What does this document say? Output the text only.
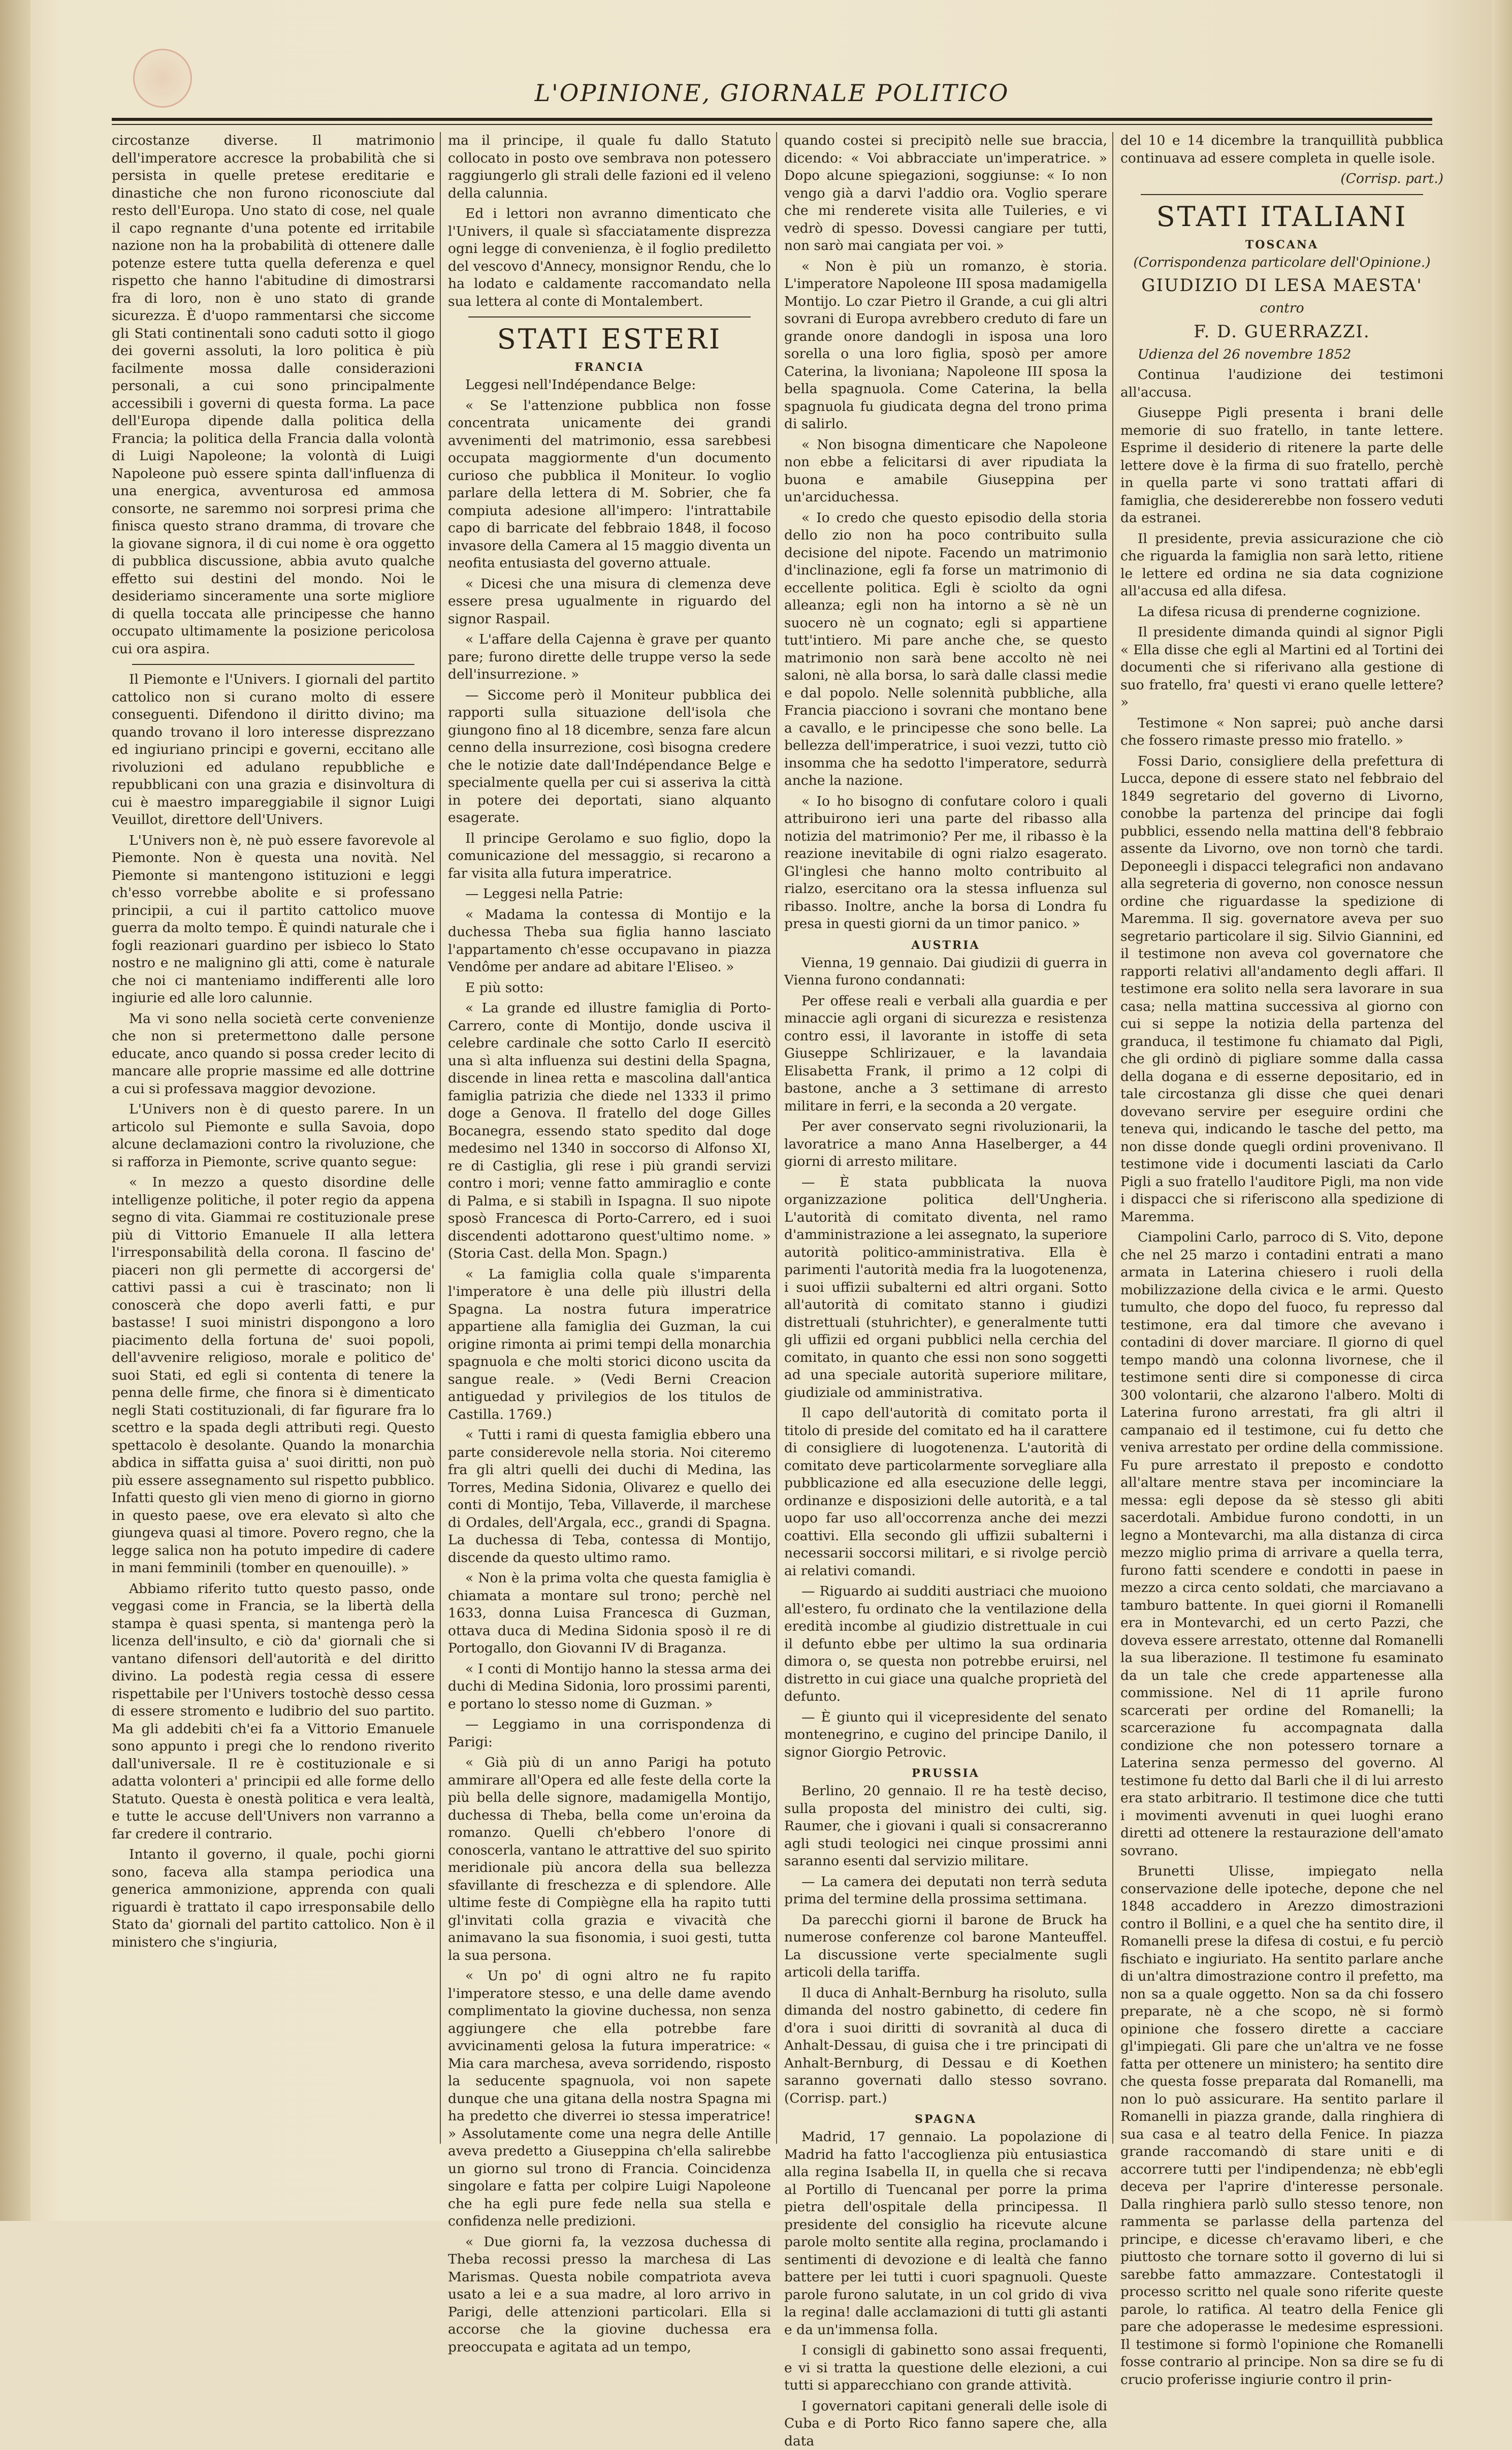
L'OPINIONE, GIORNALE POLITICO

circostanze diverse. Il matrimonio dell'imperatore accresce la probabilità che si persista in quelle pretese ereditarie e dinastiche che non furono riconosciute dal resto dell'Europa. Uno stato di cose, nel quale il capo regnante d'una potente ed irritabile nazione non ha la probabilità di ottenere dalle potenze estere tutta quella deferenza e quel rispetto che hanno l'abitudine di dimostrarsi fra di loro, non è uno stato di grande sicurezza. È d'uopo rammentarsi che siccome gli Stati continentali sono caduti sotto il giogo dei governi assoluti, la loro politica è più facilmente mossa dalle considerazioni personali, a cui sono principalmente accessibili i governi di questa forma. La pace dell'Europa dipende dalla politica della Francia; la politica della Francia dalla volontà di Luigi Napoleone; la volontà di Luigi Napoleone può essere spinta dall'influenza di una energica, avventurosa ed ammosa consorte, ne saremmo noi sorpresi prima che finisca questo strano dramma, di trovare che la giovane signora, il di cui nome è ora oggetto di pubblica discussione, abbia avuto qualche effetto sui destini del mondo. Noi le desideriamo sinceramente una sorte migliore di quella toccata alle principesse che hanno occupato ultimamente la posizione pericolosa cui ora aspira.

Il Piemonte e l'Univers. I giornali del partito cattolico non si curano molto di essere conseguenti. Difendono il diritto divino; ma quando trovano il loro interesse disprezzano ed ingiuriano principi e governi, eccitano alle rivoluzioni ed adulano repubbliche e repubblicani con una grazia e disinvoltura di cui è maestro impareggiabile il signor Luigi Veuillot, direttore dell'Univers.

L'Univers non è, nè può essere favorevole al Piemonte. Non è questa una novità. Nel Piemonte si mantengono istituzioni e leggi ch'esso vorrebbe abolite e si professano principii, a cui il partito cattolico muove guerra da molto tempo. È quindi naturale che i fogli reazionari guardino per isbieco lo Stato nostro e ne malignino gli atti, come è naturale che noi ci manteniamo indifferenti alle loro ingiurie ed alle loro calunnie.

Ma vi sono nella società certe convenienze che non si pretermettono dalle persone educate, anco quando si possa creder lecito di mancare alle proprie massime ed alle dottrine a cui si professava maggior devozione.

L'Univers non è di questo parere. In un articolo sul Piemonte e sulla Savoia, dopo alcune declamazioni contro la rivoluzione, che si rafforza in Piemonte, scrive quanto segue:

« In mezzo a questo disordine delle intelligenze politiche, il poter regio da appena segno di vita. Giammai re costituzionale prese più di Vittorio Emanuele II alla lettera l'irresponsabilità della corona. Il fascino de' piaceri non gli permette di accorgersi de' cattivi passi a cui è trascinato; non li conoscerà che dopo averli fatti, e pur bastasse! I suoi ministri dispongono a loro piacimento della fortuna de' suoi popoli, dell'avvenire religioso, morale e politico de' suoi Stati, ed egli si contenta di tenere la penna delle firme, che finora si è dimenticato negli Stati costituzionali, di far figurare fra lo scettro e la spada degli attributi regi. Questo spettacolo è desolante. Quando la monarchia abdica in siffatta guisa a' suoi diritti, non può più essere assegnamento sul rispetto pubblico. Infatti questo gli vien meno di giorno in giorno in questo paese, ove era elevato sì alto che giungeva quasi al timore. Povero regno, che la legge salica non ha potuto impedire di cadere in mani femminili (tomber en quenouille). »

Abbiamo riferito tutto questo passo, onde veggasi come in Francia, se la libertà della stampa è quasi spenta, si mantenga però la licenza dell'insulto, e ciò da' giornali che si vantano difensori dell'autorità e del diritto divino. La podestà regia cessa di essere rispettabile per l'Univers tostochè desso cessa di essere stromento e ludibrio del suo partito. Ma gli addebiti ch'ei fa a Vittorio Emanuele sono appunto i pregi che lo rendono riverito dall'universale. Il re è costituzionale e si adatta volonteri a' principii ed alle forme dello Statuto. Questa è onestà politica e vera lealtà, e tutte le accuse dell'Univers non varranno a far credere il contrario.

Intanto il governo, il quale, pochi giorni sono, faceva alla stampa periodica una generica ammonizione, apprenda con quali riguardi è trattato il capo irresponsabile dello Stato da' giornali del partito cattolico. Non è il ministero che s'ingiuria,

ma il principe, il quale fu dallo Statuto collocato in posto ove sembrava non potessero raggiungerlo gli strali delle fazioni ed il veleno della calunnia.

Ed i lettori non avranno dimenticato che l'Univers, il quale sì sfacciatamente disprezza ogni legge di convenienza, è il foglio prediletto del vescovo d'Annecy, monsignor Rendu, che lo ha lodato e caldamente raccomandato nella sua lettera al conte di Montalembert.

STATI ESTERI
FRANCIA

Leggesi nell'Indépendance Belge:

« Se l'attenzione pubblica non fosse concentrata unicamente dei grandi avvenimenti del matrimonio, essa sarebbesi occupata maggiormente d'un documento curioso che pubblica il Moniteur. Io voglio parlare della lettera di M. Sobrier, che fa compiuta adesione all'impero: l'intrattabile capo di barricate del febbraio 1848, il focoso invasore della Camera al 15 maggio diventa un neofita entusiasta del governo attuale.

« Dicesi che una misura di clemenza deve essere presa ugualmente in riguardo del signor Raspail.

« L'affare della Cajenna è grave per quanto pare; furono dirette delle truppe verso la sede dell'insurrezione. »

— Siccome però il Moniteur pubblica dei rapporti sulla situazione dell'isola che giungono fino al 18 dicembre, senza fare alcun cenno della insurrezione, così bisogna credere che le notizie date dall'Indépendance Belge e specialmente quella per cui si asseriva la città in potere dei deportati, siano alquanto esagerate.

Il principe Gerolamo e suo figlio, dopo la comunicazione del messaggio, si recarono a far visita alla futura imperatrice.

— Leggesi nella Patrie:

« Madama la contessa di Montijo e la duchessa Theba sua figlia hanno lasciato l'appartamento ch'esse occupavano in piazza Vendôme per andare ad abitare l'Eliseo. »

E più sotto:

« La grande ed illustre famiglia di Porto-Carrero, conte di Montijo, donde usciva il celebre cardinale che sotto Carlo II esercitò una sì alta influenza sui destini della Spagna, discende in linea retta e mascolina dall'antica famiglia patrizia che diede nel 1333 il primo doge a Genova. Il fratello del doge Gilles Bocanegra, essendo stato spedito dal doge medesimo nel 1340 in soccorso di Alfonso XI, re di Castiglia, gli rese i più grandi servizi contro i mori; venne fatto ammiraglio e conte di Palma, e si stabilì in Ispagna. Il suo nipote sposò Francesca di Porto-Carrero, ed i suoi discendenti adottarono quest'ultimo nome. » (Storia Cast. della Mon. Spagn.)

« La famiglia colla quale s'imparenta l'imperatore è una delle più illustri della Spagna. La nostra futura imperatrice appartiene alla famiglia dei Guzman, la cui origine rimonta ai primi tempi della monarchia spagnuola e che molti storici dicono uscita da sangue reale. » (Vedi Berni Creacion antiguedad y privilegios de los titulos de Castilla. 1769.)

« Tutti i rami di questa famiglia ebbero una parte considerevole nella storia. Noi citeremo fra gli altri quelli dei duchi di Medina, las Torres, Medina Sidonia, Olivarez e quello dei conti di Montijo, Teba, Villaverde, il marchese di Ordales, dell'Argala, ecc., grandi di Spagna. La duchessa di Teba, contessa di Montijo, discende da questo ultimo ramo.

« Non è la prima volta che questa famiglia è chiamata a montare sul trono; perchè nel 1633, donna Luisa Francesca di Guzman, ottava duca di Medina Sidonia sposò il re di Portogallo, don Giovanni IV di Braganza.

« I conti di Montijo hanno la stessa arma dei duchi di Medina Sidonia, loro prossimi parenti, e portano lo stesso nome di Guzman. »

— Leggiamo in una corrispondenza di Parigi:

« Già più di un anno Parigi ha potuto ammirare all'Opera ed alle feste della corte la più bella delle signore, madamigella Montijo, duchessa di Theba, bella come un'eroina da romanzo. Quelli ch'ebbero l'onore di conoscerla, vantano le attrattive del suo spirito meridionale più ancora della sua bellezza sfavillante di freschezza e di splendore. Alle ultime feste di Compiègne ella ha rapito tutti gl'invitati colla grazia e vivacità che animavano la sua fisonomia, i suoi gesti, tutta la sua persona.

« Un po' di ogni altro ne fu rapito l'imperatore stesso, e una delle dame avendo complimentato la giovine duchessa, non senza aggiungere che ella potrebbe fare avvicinamenti gelosa la futura imperatrice: « Mia cara marchesa, aveva sorridendo, risposto la seducente spagnuola, voi non sapete dunque che una gitana della nostra Spagna mi ha predetto che diverrei io stessa imperatrice! » Assolutamente come una negra delle Antille aveva predetto a Giuseppina ch'ella salirebbe un giorno sul trono di Francia. Coincidenza singolare e fatta per colpire Luigi Napoleone che ha egli pure fede nella sua stella e confidenza nelle predizioni.

« Due giorni fa, la vezzosa duchessa di Theba recossi presso la marchesa di Las Marismas. Questa nobile compatriota aveva usato a lei e a sua madre, al loro arrivo in Parigi, delle attenzioni particolari. Ella si accorse che la giovine duchessa era preoccupata e agitata ad un tempo,

quando costei si precipitò nelle sue braccia, dicendo: « Voi abbracciate un'imperatrice. » Dopo alcune spiegazioni, soggiunse: « Io non vengo già a darvi l'addio ora. Voglio sperare che mi renderete visita alle Tuileries, e vi vedrò di spesso. Dovessi cangiare per tutti, non sarò mai cangiata per voi. »

« Non è più un romanzo, è storia. L'imperatore Napoleone III sposa madamigella Montijo. Lo czar Pietro il Grande, a cui gli altri sovrani di Europa avrebbero creduto di fare un grande onore dandogli in isposa una loro sorella o una loro figlia, sposò per amore Caterina, la livoniana; Napoleone III sposa la bella spagnuola. Come Caterina, la bella spagnuola fu giudicata degna del trono prima di salirlo.

« Non bisogna dimenticare che Napoleone non ebbe a felicitarsi di aver ripudiata la buona e amabile Giuseppina per un'arciduchessa.

« Io credo che questo episodio della storia dello zio non ha poco contribuito sulla decisione del nipote. Facendo un matrimonio d'inclinazione, egli fa forse un matrimonio di eccellente politica. Egli è sciolto da ogni alleanza; egli non ha intorno a sè nè un suocero nè un cognato; egli si appartiene tutt'intiero. Mi pare anche che, se questo matrimonio non sarà bene accolto nè nei saloni, nè alla borsa, lo sarà dalle classi medie e dal popolo. Nelle solennità pubbliche, alla Francia piacciono i sovrani che montano bene a cavallo, e le principesse che sono belle. La bellezza dell'imperatrice, i suoi vezzi, tutto ciò insomma che ha sedotto l'imperatore, sedurrà anche la nazione.

« Io ho bisogno di confutare coloro i quali attribuirono ieri una parte del ribasso alla notizia del matrimonio? Per me, il ribasso è la reazione inevitabile di ogni rialzo esagerato. Gl'inglesi che hanno molto contribuito al rialzo, esercitano ora la stessa influenza sul ribasso. Inoltre, anche la borsa di Londra fu presa in questi giorni da un timor panico. »

AUSTRIA

Vienna, 19 gennaio. Dai giudizii di guerra in Vienna furono condannati:

Per offese reali e verbali alla guardia e per minaccie agli organi di sicurezza e resistenza contro essi, il lavorante in istoffe di seta Giuseppe Schlirizauer, e la lavandaia Elisabetta Frank, il primo a 12 colpi di bastone, anche a 3 settimane di arresto militare in ferri, e la seconda a 20 vergate.

Per aver conservato segni rivoluzionarii, la lavoratrice a mano Anna Haselberger, a 44 giorni di arresto militare.

— È stata pubblicata la nuova organizzazione politica dell'Ungheria. L'autorità di comitato diventa, nel ramo d'amministrazione a lei assegnato, la superiore autorità politico-amministrativa. Ella è parimenti l'autorità media fra la luogotenenza, i suoi uffizii subalterni ed altri organi. Sotto all'autorità di comitato stanno i giudizi distrettuali (stuhrichter), e generalmente tutti gli uffizii ed organi pubblici nella cerchia del comitato, in quanto che essi non sono soggetti ad una speciale autorità superiore militare, giudiziale od amministrativa.

Il capo dell'autorità di comitato porta il titolo di preside del comitato ed ha il carattere di consigliere di luogotenenza. L'autorità di comitato deve particolarmente sorvegliare alla pubblicazione ed alla esecuzione delle leggi, ordinanze e disposizioni delle autorità, e a tal uopo far uso all'occorrenza anche dei mezzi coattivi. Ella secondo gli uffizii subalterni i necessarii soccorsi militari, e si rivolge perciò ai relativi comandi.

— Riguardo ai sudditi austriaci che muoiono all'estero, fu ordinato che la ventilazione della eredità incombe al giudizio distrettuale in cui il defunto ebbe per ultimo la sua ordinaria dimora o, se questa non potrebbe eruirsi, nel distretto in cui giace una qualche proprietà del defunto.

— È giunto qui il vicepresidente del senato montenegrino, e cugino del principe Danilo, il signor Giorgio Petrovic.

PRUSSIA

Berlino, 20 gennaio. Il re ha testè deciso, sulla proposta del ministro dei culti, sig. Raumer, che i giovani i quali si consacreranno agli studi teologici nei cinque prossimi anni saranno esenti dal servizio militare.

— La camera dei deputati non terrà seduta prima del termine della prossima settimana.

Da parecchi giorni il barone de Bruck ha numerose conferenze col barone Manteuffel. La discussione verte specialmente sugli articoli della tariffa.

Il duca di Anhalt-Bernburg ha risoluto, sulla dimanda del nostro gabinetto, di cedere fin d'ora i suoi diritti di sovranità al duca di Anhalt-Dessau, di guisa che i tre principati di Anhalt-Bernburg, di Dessau e di Koethen saranno governati dallo stesso sovrano. (Corrisp. part.)

SPAGNA

Madrid, 17 gennaio. La popolazione di Madrid ha fatto l'accoglienza più entusiastica alla regina Isabella II, in quella che si recava al Portillo di Tuencanal per porre la prima pietra dell'ospitale della principessa. Il presidente del consiglio ha ricevute alcune parole molto sentite alla regina, proclamando i sentimenti di devozione e di lealtà che fanno battere per lei tutti i cuori spagnuoli. Queste parole furono salutate, in un col grido di viva la regina! dalle acclamazioni di tutti gli astanti e da un'immensa folla.

I consigli di gabinetto sono assai frequenti, e vi si tratta la questione delle elezioni, a cui tutti si apparecchiano con grande attività.

I governatori capitani generali delle isole di Cuba e di Porto Rico fanno sapere che, alla data

del 10 e 14 dicembre la tranquillità pubblica continuava ad essere completa in quelle isole.

(Corrisp. part.)

STATI ITALIANI
TOSCANA

(Corrispondenza particolare dell'Opinione.)

GIUDIZIO DI LESA MAESTA'

contro

F. D. GUERRAZZI.

Udienza del 26 novembre 1852

Continua l'audizione dei testimoni all'accusa.

Giuseppe Pigli presenta i brani delle memorie di suo fratello, in tante lettere. Esprime il desiderio di ritenere la parte delle lettere dove è la firma di suo fratello, perchè in quella parte vi sono trattati affari di famiglia, che desidererebbe non fossero veduti da estranei.

Il presidente, previa assicurazione che ciò che riguarda la famiglia non sarà letto, ritiene le lettere ed ordina ne sia data cognizione all'accusa ed alla difesa.

La difesa ricusa di prenderne cognizione.

Il presidente dimanda quindi al signor Pigli « Ella disse che egli al Martini ed al Tortini dei documenti che si riferivano alla gestione di suo fratello, fra' questi vi erano quelle lettere? »

Testimone « Non saprei; può anche darsi che fossero rimaste presso mio fratello. »

Fossi Dario, consigliere della prefettura di Lucca, depone di essere stato nel febbraio del 1849 segretario del governo di Livorno, conobbe la partenza del principe dai fogli pubblici, essendo nella mattina dell'8 febbraio assente da Livorno, ove non tornò che tardi. Deponeegli i dispacci telegrafici non andavano alla segreteria di governo, non conosce nessun ordine che riguardasse la spedizione di Maremma. Il sig. governatore aveva per suo segretario particolare il sig. Silvio Giannini, ed il testimone non aveva col governatore che rapporti relativi all'andamento degli affari. Il testimone era solito nella sera lavorare in sua casa; nella mattina successiva al giorno con cui si seppe la notizia della partenza del granduca, il testimone fu chiamato dal Pigli, che gli ordinò di pigliare somme dalla cassa della dogana e di esserne depositario, ed in tale circostanza gli disse che quei denari dovevano servire per eseguire ordini che teneva qui, indicando le tasche del petto, ma non disse donde quegli ordini provenivano. Il testimone vide i documenti lasciati da Carlo Pigli a suo fratello l'auditore Pigli, ma non vide i dispacci che si riferiscono alla spedizione di Maremma.

Ciampolini Carlo, parroco di S. Vito, depone che nel 25 marzo i contadini entrati a mano armata in Laterina chiesero i ruoli della mobilizzazione della civica e le armi. Questo tumulto, che dopo del fuoco, fu represso dal testimone, era dal timore che avevano i contadini di dover marciare. Il giorno di quel tempo mandò una colonna livornese, che il testimone senti dire si componesse di circa 300 volontarii, che alzarono l'albero. Molti di Laterina furono arrestati, fra gli altri il campanaio ed il testimone, cui fu detto che veniva arrestato per ordine della commissione. Fu pure arrestato il preposto e condotto all'altare mentre stava per incominciare la messa: egli depose da sè stesso gli abiti sacerdotali. Ambidue furono condotti, in un legno a Montevarchi, ma alla distanza di circa mezzo miglio prima di arrivare a quella terra, furono fatti scendere e condotti in paese in mezzo a circa cento soldati, che marciavano a tamburo battente. In quei giorni il Romanelli era in Montevarchi, ed un certo Pazzi, che doveva essere arrestato, ottenne dal Romanelli la sua liberazione. Il testimone fu esaminato da un tale che crede appartenesse alla commissione. Nel di 11 aprile furono scarcerati per ordine del Romanelli; la scarcerazione fu accompagnata dalla condizione che non potessero tornare a Laterina senza permesso del governo. Al testimone fu detto dal Barli che il di lui arresto era stato arbitrario. Il testimone dice che tutti i movimenti avvenuti in quei luoghi erano diretti ad ottenere la restaurazione dell'amato sovrano.

Brunetti Ulisse, impiegato nella conservazione delle ipoteche, depone che nel 1848 accaddero in Arezzo dimostrazioni contro il Bollini, e a quel che ha sentito dire, il Romanelli prese la difesa di costui, e fu perciò fischiato e ingiuriato. Ha sentito parlare anche di un'altra dimostrazione contro il prefetto, ma non sa a quale oggetto. Non sa da chi fossero preparate, nè a che scopo, nè si formò opinione che fossero dirette a cacciare gl'impiegati. Gli pare che un'altra ve ne fosse fatta per ottenere un ministero; ha sentito dire che questa fosse preparata dal Romanelli, ma non lo può assicurare. Ha sentito parlare il Romanelli in piazza grande, dalla ringhiera di sua casa e al teatro della Fenice. In piazza grande raccomandò di stare uniti e di accorrere tutti per l'indipendenza; nè ebb'egli deceva per l'aprire d'interesse personale. Dalla ringhiera parlò sullo stesso tenore, non rammenta se parlasse della partenza del principe, e dicesse ch'eravamo liberi, e che piuttosto che tornare sotto il governo di lui si sarebbe fatto ammazzare. Contestatogli il processo scritto nel quale sono riferite queste parole, lo ratifica. Al teatro della Fenice gli pare che adoperasse le medesime espressioni. Il testimone si formò l'opinione che Romanelli fosse contrario al principe. Non sa dire se fu di crucio proferisse ingiurie contro il prin-
